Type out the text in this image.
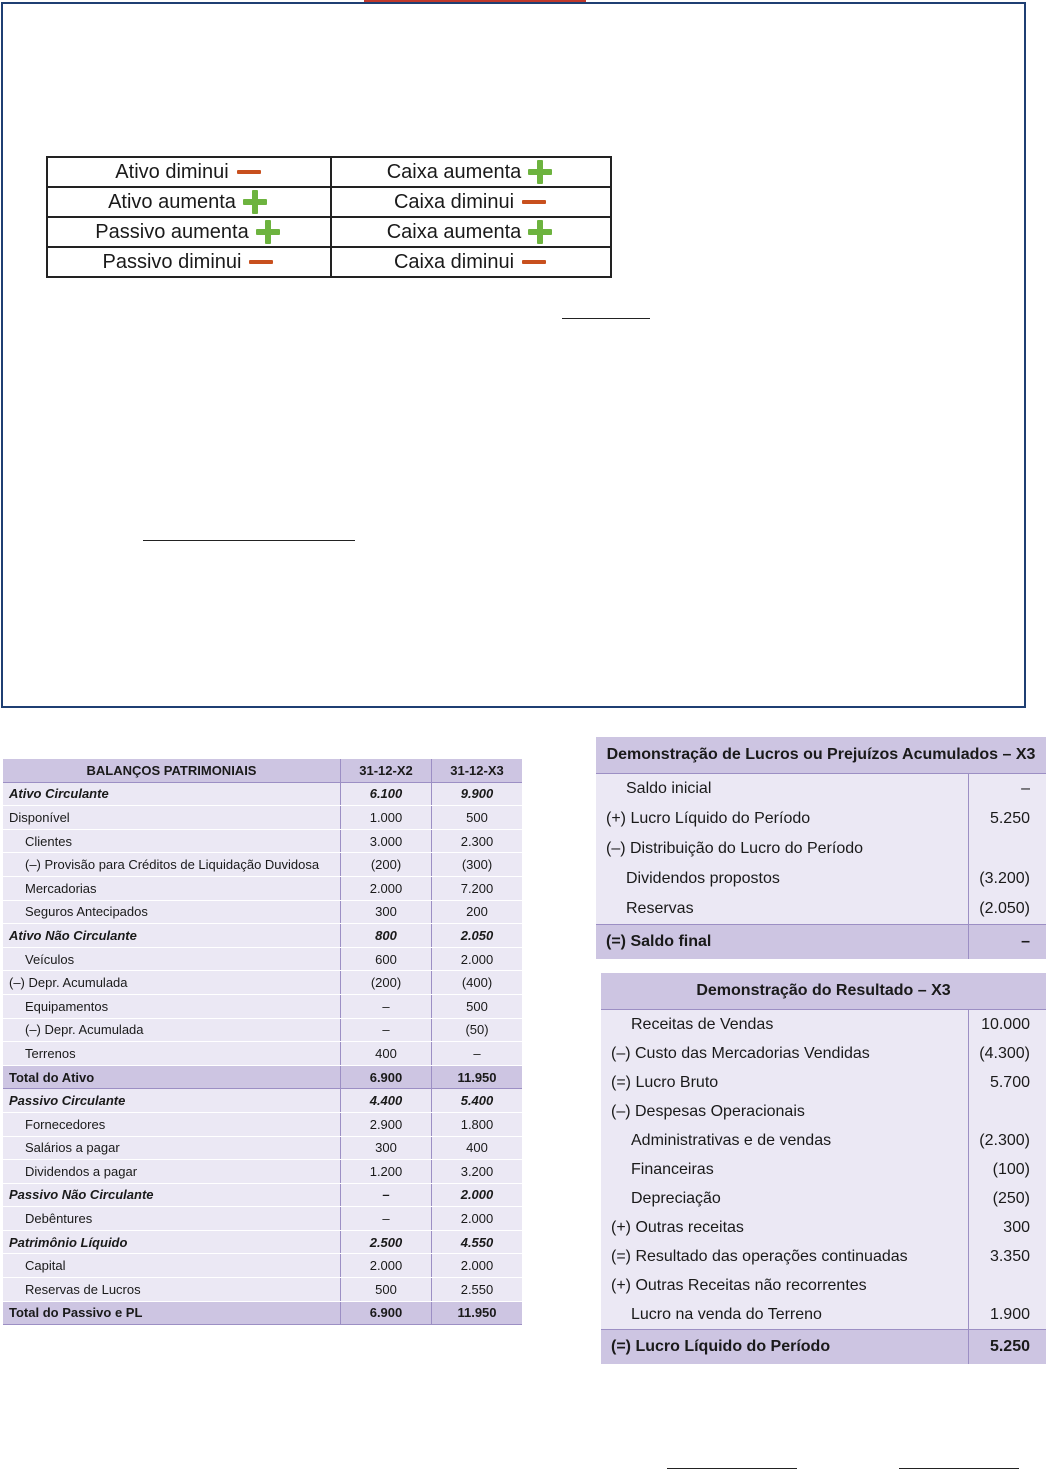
Ativo diminui	Caixa aumenta

Ativo aumenta	Caixa diminui

Passivo aumenta	Caixa aumenta

Passivo diminui	Caixa diminui
BALANÇOS PATRIMONIAIS	31-12-X2	31-12-X3
Ativo Circulante	6.100	9.900
Disponível	1.000	500
Clientes	3.000	2.300
(–) Provisão para Créditos de Liquidação Duvidosa	(200)	(300)
Mercadorias	2.000	7.200
Seguros Antecipados	300	200
Ativo Não Circulante	800	2.050
Veículos	600	2.000
(–) Depr. Acumulada	(200)	(400)
Equipamentos	–	500
(–) Depr. Acumulada	–	(50)
Terrenos	400	–
Total do Ativo	6.900	11.950
Passivo Circulante	4.400	5.400
Fornecedores	2.900	1.800
Salários a pagar	300	400
Dividendos a pagar	1.200	3.200
Passivo Não Circulante	–	2.000
Debêntures	–	2.000
Patrimônio Líquido	2.500	4.550
Capital	2.000	2.000
Reservas de Lucros	500	2.550
Total do Passivo e PL	6.900	11.950
Demonstração de Lucros ou Prejuízos Acumulados – X3	
Saldo inicial	–
(+) Lucro Líquido do Período	5.250
(–) Distribuição do Lucro do Período	
Dividendos propostos	(3.200)
Reservas	(2.050)
(=) Saldo final	–
Demonstração do Resultado – X3	
Receitas de Vendas	10.000
(–) Custo das Mercadorias Vendidas	(4.300)
(=) Lucro Bruto	5.700
(–) Despesas Operacionais	
Administrativas e de vendas	(2.300)
Financeiras	(100)
Depreciação	(250)
(+) Outras receitas	300
(=) Resultado das operações continuadas	3.350
(+) Outras Receitas não recorrentes	
Lucro na venda do Terreno	1.900
(=) Lucro Líquido do Período	5.250
